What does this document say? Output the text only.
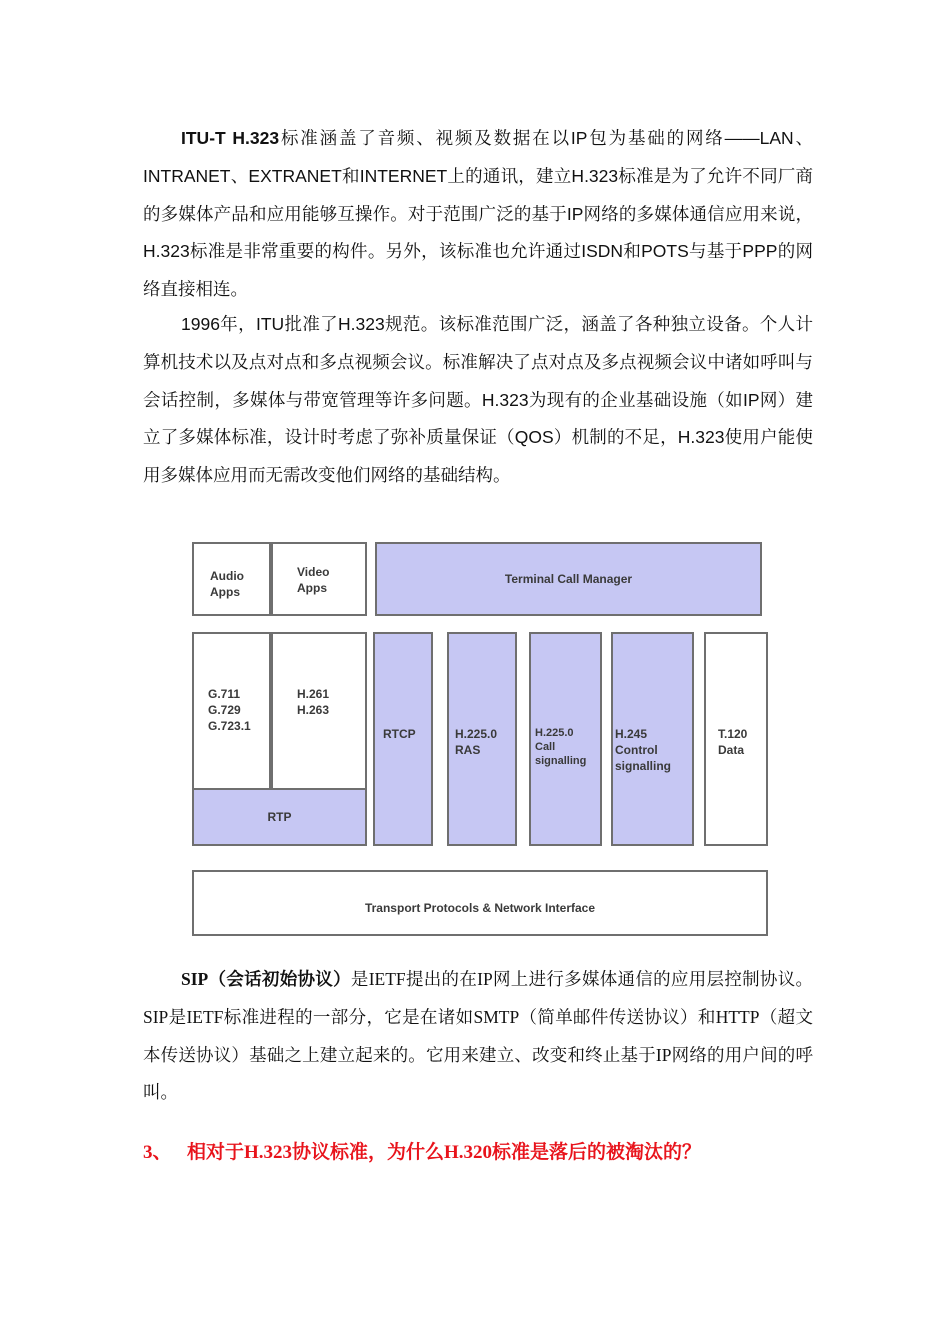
ITU-T H.323标准涵盖了音频、视频及数据在以IP包为基础的网络——LAN、INTRANET、EXTRANET和INTERNET上的通讯，建立H.323标准是为了允许不同厂商的多媒体产品和应用能够互操作。对于范围广泛的基于IP网络的多媒体通信应用来说，H.323标准是非常重要的构件。另外，该标准也允许通过ISDN和POTS与基于PPP的网络直接相连。

1996年，ITU批准了H.323规范。该标准范围广泛，涵盖了各种独立设备。个人计算机技术以及点对点和多点视频会议。标准解决了点对点及多点视频会议中诸如呼叫与会话控制，多媒体与带宽管理等许多问题。H.323为现有的企业基础设施（如IP网）建立了多媒体标准，设计时考虑了弥补质量保证（QOS）机制的不足，H.323使用户能使用多媒体应用而无需改变他们网络的基础结构。

Audio
Apps
Video
Apps
Terminal Call Manager
G.711
G.729
G.723.1
H.261
H.263
RTP
RTCP	H.225.0
RAS
H.225.0
Call
signalling
H.245
Control
signalling
T.120
Data
Transport Protocols & Network Interface

SIP（会话初始协议）是IETF提出的在IP网上进行多媒体通信的应用层控制协议。SIP是IETF标准进程的一部分，它是在诸如SMTP（简单邮件传送协议）和HTTP（超文本传送协议）基础之上建立起来的。它用来建立、改变和终止基于IP网络的用户间的呼叫。

3、 相对于H.323协议标准，为什么H.320标准是落后的被淘汰的？
